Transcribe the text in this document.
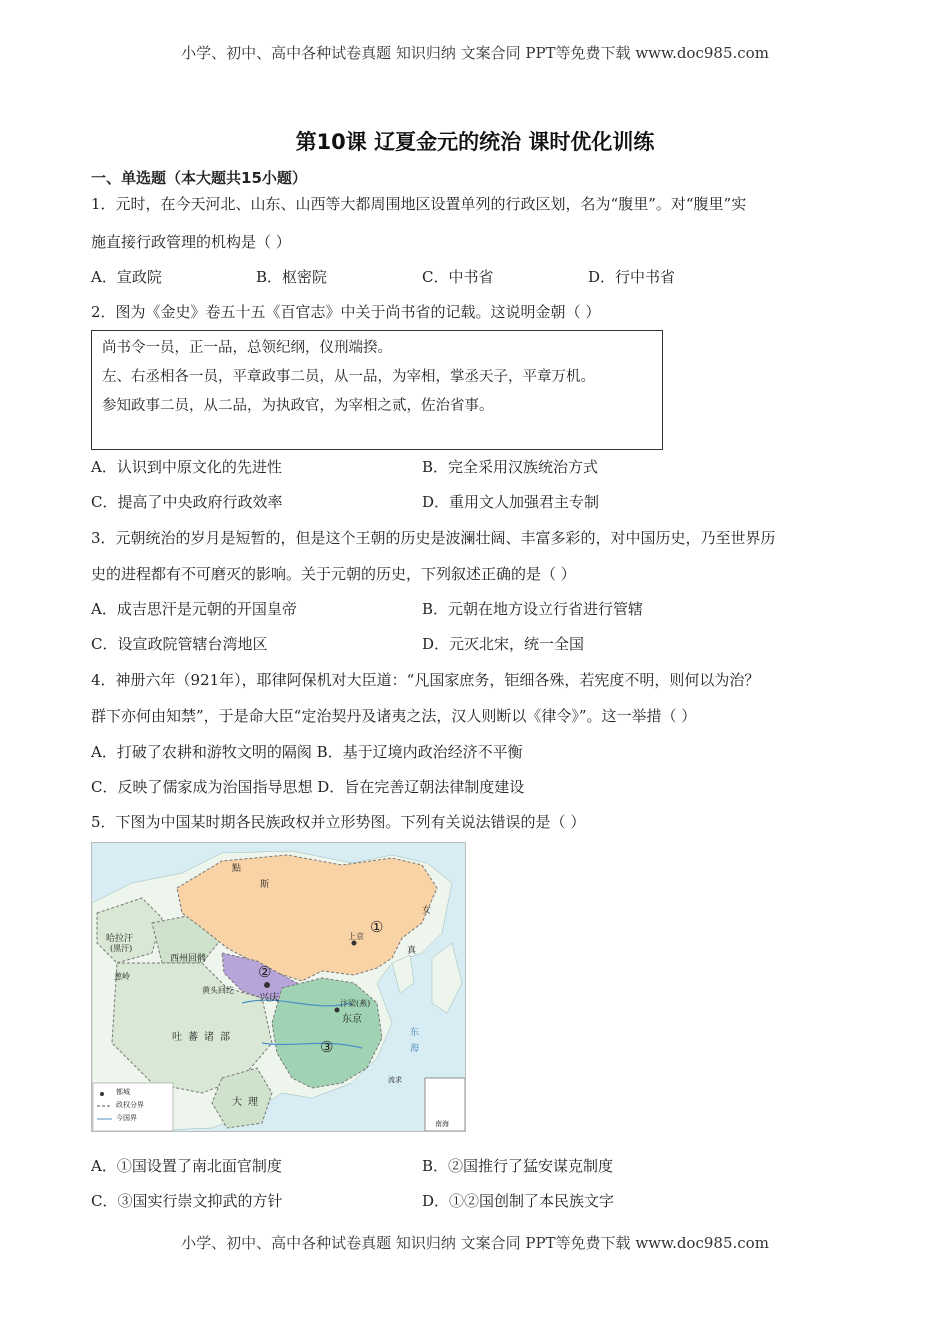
小学、初中、高中各种试卷真题 知识归纳 文案合同 PPT等免费下载 www.doc985.com
第10课 辽夏金元的统治 课时优化训练
一、单选题（本大题共15小题）
1．元时，在今天河北、山东、山西等大都周围地区设置单列的行政区划，名为“腹里”。对“腹里”实
施直接行政管理的机构是（ ）
A．宣政院	B．枢密院	C．中书省	D．行中书省
2．图为《金史》卷五十五《百官志》中关于尚书省的记载。这说明金朝（ ）

尚书令一员，正一品，总领纪纲，仪刑端揆。

左、右丞相各一员，平章政事二员，从一品，为宰相，掌丞天子，平章万机。

参知政事二员，从二品，为执政官，为宰相之贰，佐治省事。

A．认识到中原文化的先进性	B．完全采用汉族统治方式
C．提高了中央政府行政效率	D．重用文人加强君主专制
3．元朝统治的岁月是短暂的，但是这个王朝的历史是波澜壮阔、丰富多彩的，对中国历史，乃至世界历
史的进程都有不可磨灭的影响。关于元朝的历史，下列叙述正确的是（ ）
A．成吉思汗是元朝的开国皇帝	B．元朝在地方设立行省进行管辖
C．设宣政院管辖台湾地区	D．元灭北宋，统一全国
4．神册六年（921年），耶律阿保机对大臣道：“凡国家庶务，钜细各殊，若宪度不明，则何以为治？
群下亦何由知禁”，于是命大臣“定治契丹及诸夷之法，汉人则断以《律令》”。这一举措（ ）
A．打破了农耕和游牧文明的隔阂 B．基于辽境内政治经济不平衡
C．反映了儒家成为治国指导思想 D．旨在完善辽朝法律制度建设
5．下图为中国某时期各民族政权并立形势图。下列有关说法错误的是（ ）
①
②
③
兴庆
东京
上京
汴梁(燕)
哈拉汗
(黑汗)
西州回鹘
黄头回纥
吐蕃诸部
大理
葱岭
真
女
斯
點
东
海
流求
南海
都城
政权分界
今国界
A．①国设置了南北面官制度	B．②国推行了猛安谋克制度
C．③国实行崇文抑武的方针	D．①②国创制了本民族文字
小学、初中、高中各种试卷真题 知识归纳 文案合同 PPT等免费下载 www.doc985.com
